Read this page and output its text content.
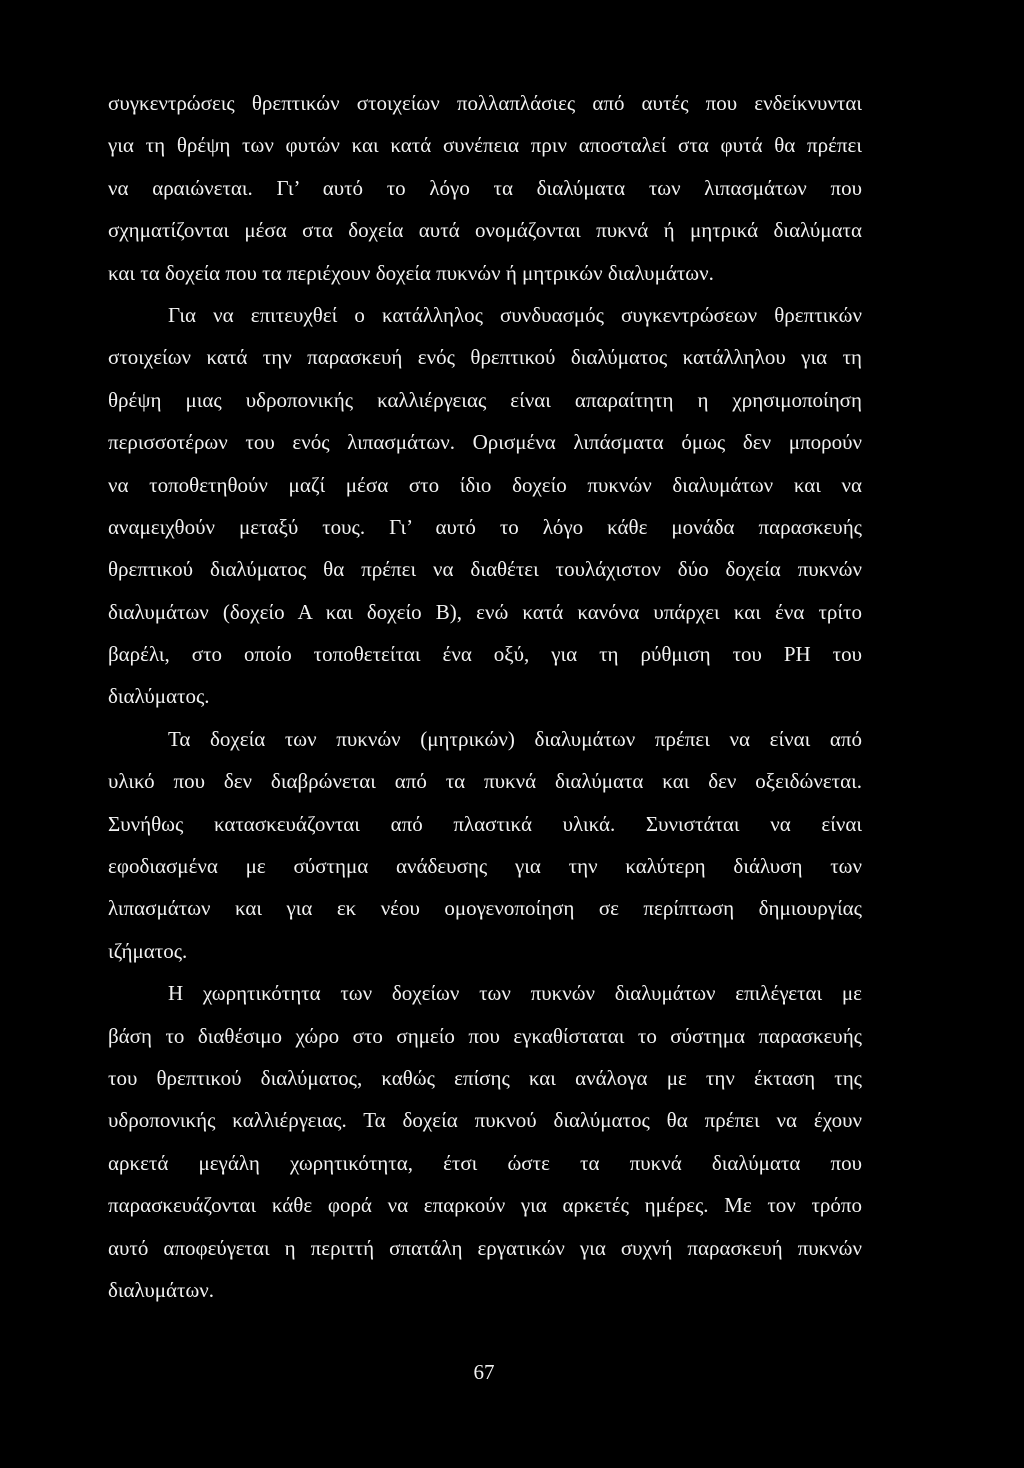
συγκεντρώσεις θρεπτικών στοιχείων πολλαπλάσιες από αυτές που ενδείκνυνται
για τη θρέψη των φυτών και κατά συνέπεια πριν αποσταλεί στα φυτά θα πρέπει
να αραιώνεται. Γι’ αυτό το λόγο τα διαλύματα των λιπασμάτων που
σχηματίζονται μέσα στα δοχεία αυτά ονομάζονται πυκνά ή μητρικά διαλύματα
και τα δοχεία που τα περιέχουν δοχεία πυκνών ή μητρικών διαλυμάτων.
Για να επιτευχθεί ο κατάλληλος συνδυασμός συγκεντρώσεων θρεπτικών
στοιχείων κατά την παρασκευή ενός θρεπτικού διαλύματος κατάλληλου για τη
θρέψη μιας υδροπονικής καλλιέργειας είναι απαραίτητη η χρησιμοποίηση
περισσοτέρων του ενός λιπασμάτων. Ορισμένα λιπάσματα όμως δεν μπορούν
να τοποθετηθούν μαζί μέσα στο ίδιο δοχείο πυκνών διαλυμάτων και να
αναμειχθούν μεταξύ τους. Γι’ αυτό το λόγο κάθε μονάδα παρασκευής
θρεπτικού διαλύματος θα πρέπει να διαθέτει τουλάχιστον δύο δοχεία πυκνών
διαλυμάτων (δοχείο Α και δοχείο Β), ενώ κατά κανόνα υπάρχει και ένα τρίτο
βαρέλι, στο οποίο τοποθετείται ένα οξύ, για τη ρύθμιση του PH του
διαλύματος.
Τα δοχεία των πυκνών (μητρικών) διαλυμάτων πρέπει να είναι από
υλικό που δεν διαβρώνεται από τα πυκνά διαλύματα και δεν οξειδώνεται.
Συνήθως κατασκευάζονται από πλαστικά υλικά. Συνιστάται να είναι
εφοδιασμένα με σύστημα ανάδευσης για την καλύτερη διάλυση των
λιπασμάτων και για εκ νέου ομογενοποίηση σε περίπτωση δημιουργίας
ιζήματος.
Η χωρητικότητα των δοχείων των πυκνών διαλυμάτων επιλέγεται με
βάση το διαθέσιμο χώρο στο σημείο που εγκαθίσταται το σύστημα παρασκευής
του θρεπτικού διαλύματος, καθώς επίσης και ανάλογα με την έκταση της
υδροπονικής καλλιέργειας. Τα δοχεία πυκνού διαλύματος θα πρέπει να έχουν
αρκετά μεγάλη χωρητικότητα, έτσι ώστε τα πυκνά διαλύματα που
παρασκευάζονται κάθε φορά να επαρκούν για αρκετές ημέρες. Με τον τρόπο
αυτό αποφεύγεται η περιττή σπατάλη εργατικών για συχνή παρασκευή πυκνών
διαλυμάτων.
67
